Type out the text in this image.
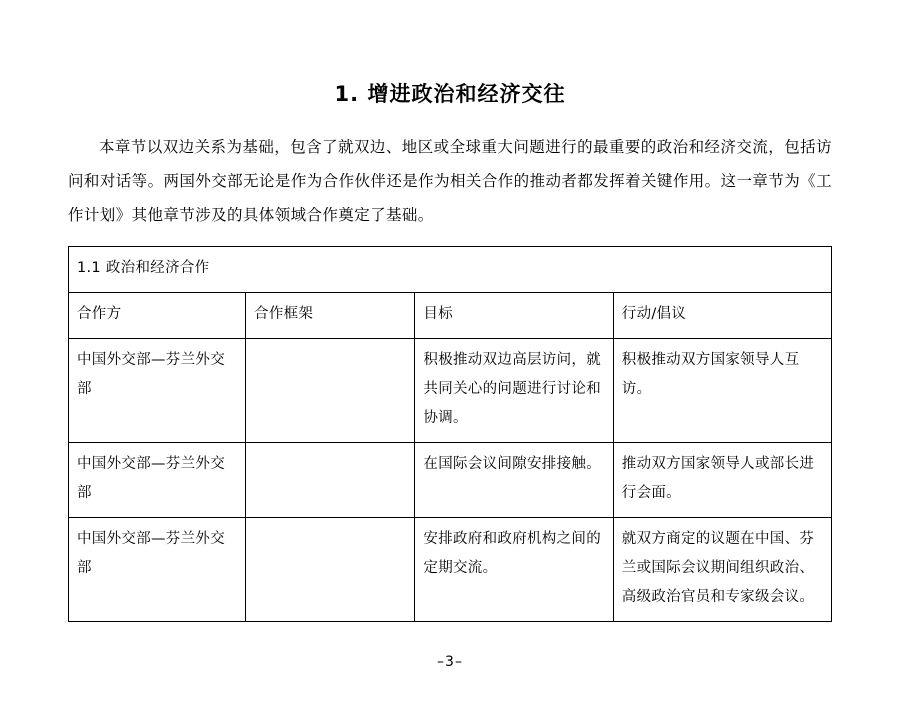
1. 增进政治和经济交往

本章节以双边关系为基础，包含了就双边、地区或全球重大问题进行的最重要的政治和经济交流，包括访问和对话等。两国外交部无论是作为合作伙伴还是作为相关合作的推动者都发挥着关键作用。这一章节为《工作计划》其他章节涉及的具体领域合作奠定了基础。

1.1 政治和经济合作			
合作方	合作框架	目标	行动/倡议
中国外交部—芬兰外交部		积极推动双边高层访问，就共同关心的问题进行讨论和协调。	积极推动双方国家领导人互访。
中国外交部—芬兰外交部		在国际会议间隙安排接触。	推动双方国家领导人或部长进行会面。
中国外交部—芬兰外交部		安排政府和政府机构之间的定期交流。	就双方商定的议题在中国、芬兰或国际会议期间组织政治、高级政治官员和专家级会议。
–3–
